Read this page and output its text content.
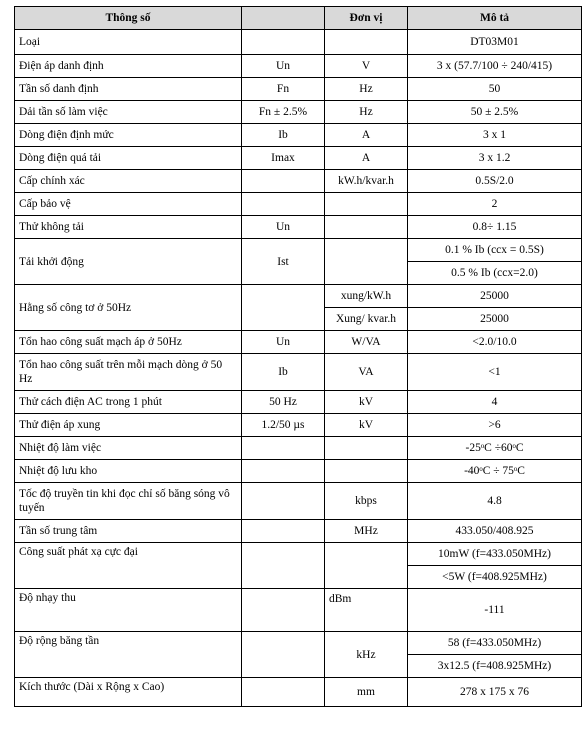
Thông số		Đơn vị	Mô tả
Loại			DT03M01
Điện áp danh định	Un	V	3 x (57.7/100 ÷ 240/415)
Tần số danh định	Fn	Hz	50
Dải tần số làm việc	Fn ± 2.5%	Hz	50 ± 2.5%
Dòng điện định mức	Ib	A	3 x 1
Dòng điện quá tải	Imax	A	3 x 1.2
Cấp chính xác		kW.h/kvar.h	0.5S/2.0
Cấp bảo vệ			2
Thử không tải	Un		0.8÷ 1.15
Tải khởi động	Ist		0.1 % Ib (ccx = 0.5S)
			0.5 % Ib (ccx=2.0)
Hằng số công tơ ở 50Hz		xung/kW.h	25000
		Xung/ kvar.h	25000
Tổn hao công suất mạch áp ở 50Hz	Un	W/VA	<2.0/10.0
Tổn hao công suất trên mỗi mạch dòng ở 50 Hz	Ib	VA	<1
Thử cách điện AC trong 1 phút	50 Hz	kV	4
Thử điện áp xung	1.2/50 µs	kV	>6
Nhiệt độ làm việc			-25ᵒC ÷60ᵒC
Nhiệt độ lưu kho			-40ᵒC ÷ 75ᵒC
Tốc độ truyền tin khi đọc chỉ số băng sóng vô tuyến		kbps	4.8
Tần số trung tâm		MHz	433.050/408.925
Công suất phát xạ cực đại			10mW (f=433.050MHz)
			<5W (f=408.925MHz)
Độ nhạy thu		dBm	-111
Độ rộng băng tần		kHz	58 (f=433.050MHz)
			3x12.5 (f=408.925MHz)
Kích thước (Dài x Rộng x Cao)		mm	278 x 175 x 76
